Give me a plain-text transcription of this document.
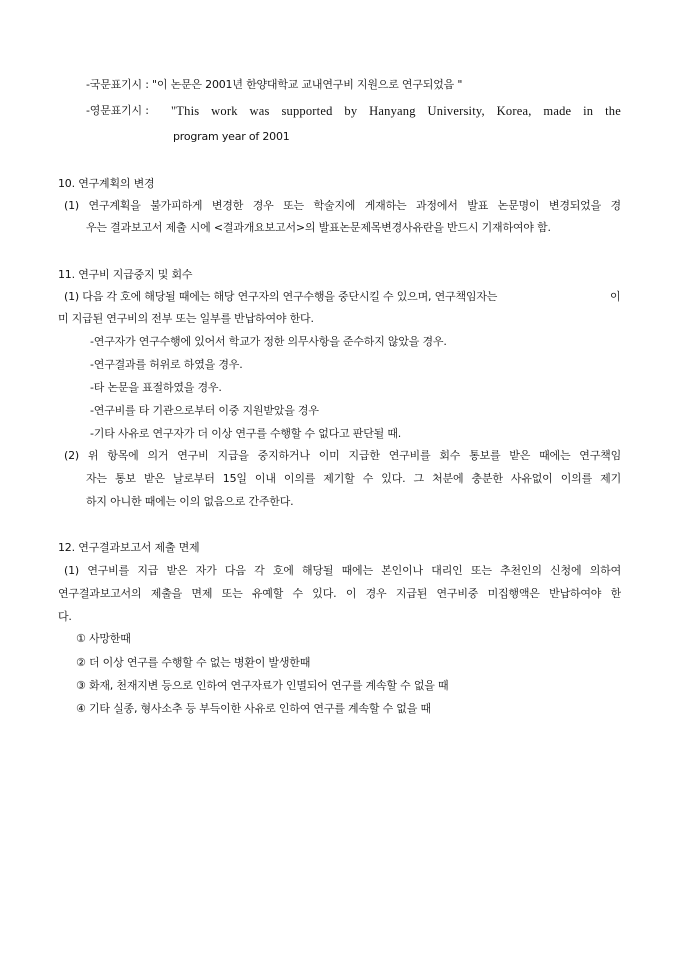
-국문표기시 : "이 논문은 2001년 한양대학교 교내연구비 지원으로 연구되었음 "
-영문표기시 : "This work was supported by Hanyang University, Korea, made in the
program year of 2001
10. 연구계획의 변경
(1) 연구계획을 불가피하게 변경한 경우 또는 학술지에 게재하는 과정에서 발표 논문명이 변경되었을 경
우는 결과보고서 제출 시에 <결과개요보고서>의 발표논문제목변경사유란을 반드시 기재하여야 함.
11. 연구비 지급중지 및 회수
(1) 다음 각 호에 해당될 때에는 해당 연구자의 연구수행을 중단시킬 수 있으며, 연구책임자는	이
미 지급된 연구비의 전부 또는 일부를 반납하여야 한다.
-연구자가 연구수행에 있어서 학교가 정한 의무사항을 준수하지 않았을 경우.
-연구결과를 허위로 하였을 경우.
-타 논문을 표절하였을 경우.
-연구비를 타 기관으로부터 이중 지원받았을 경우
-기타 사유로 연구자가 더 이상 연구를 수행할 수 없다고 판단될 때.
(2) 위 항목에 의거 연구비 지급을 중지하거나 이미 지급한 연구비를 회수 통보를 받은 때에는 연구책임
자는 통보 받은 날로부터 15일 이내 이의를 제기할 수 있다. 그 처분에 충분한 사유없이 이의를 제기
하지 아니한 때에는 이의 없음으로 간주한다.
12. 연구결과보고서 제출 면제
(1) 연구비를 지급 받은 자가 다음 각 호에 해당될 때에는 본인이나 대리인 또는 추천인의 신청에 의하여
연구결과보고서의 제출을 면제 또는 유예할 수 있다. 이 경우 지급된 연구비중 미집행액은 반납하여야 한
다.
① 사망한때
② 더 이상 연구를 수행할 수 없는 병환이 발생한때
③ 화재, 천재지변 등으로 인하여 연구자료가 인멸되어 연구를 계속할 수 없을 때
④ 기타 실종, 형사소추 등 부득이한 사유로 인하여 연구를 계속할 수 없을 때
